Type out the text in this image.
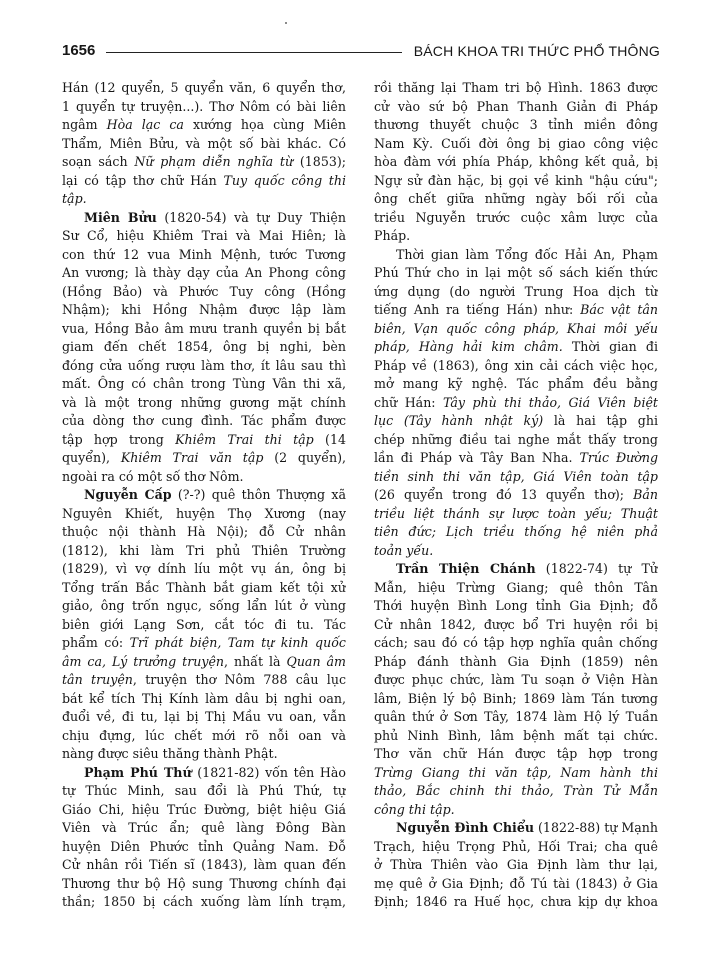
1656	BÁCH KHOA TRI THỨC PHỔ THÔNG
Hán (12 quyển, 5 quyển văn, 6 quyển thơ,
1 quyển tự truyện...). Thơ Nôm có bài liên
ngâm Hòa lạc ca xướng họa cùng Miên
Thẩm, Miên Bửu, và một số bài khác. Có
soạn sách Nữ phạm diễn nghĩa từ (1853);
lại có tập thơ chữ Hán Tuy quốc công thi
tập.
Miên Bửu (1820-54) và tự Duy Thiện
Sư Cổ, hiệu Khiêm Trai và Mai Hiên; là
con thứ 12 vua Minh Mệnh, tước Tương
An vương; là thày dạy của An Phong công
(Hồng Bảo) và Phước Tuy công (Hồng
Nhậm); khi Hồng Nhậm được lập làm
vua, Hồng Bảo âm mưu tranh quyền bị bắt
giam đến chết 1854, ông bị nghi, bèn
đóng cửa uống rượu làm thơ, ít lâu sau thì
mất. Ông có chân trong Tùng Vân thi xã,
và là một trong những gương mặt chính
của dòng thơ cung đình. Tác phẩm được
tập hợp trong Khiêm Trai thi tập (14
quyển), Khiêm Trai văn tập (2 quyển),
ngoài ra có một số thơ Nôm.
Nguyễn Cấp (?-?) quê thôn Thượng xã
Nguyên Khiết, huyện Thọ Xương (nay
thuộc nội thành Hà Nội); đỗ Cử nhân
(1812), khi làm Tri phủ Thiên Trường
(1829), vì vợ dính líu một vụ án, ông bị
Tổng trấn Bắc Thành bắt giam kết tội xử
giảo, ông trốn ngục, sống lẩn lút ở vùng
biên giới Lạng Sơn, cắt tóc đi tu. Tác
phẩm có: Trĩ phát biện, Tam tự kinh quốc
âm ca, Lý trưởng truyện, nhất là Quan âm
tân truyện, truyện thơ Nôm 788 câu lục
bát kể tích Thị Kính làm dâu bị nghi oan,
đuổi về, đi tu, lại bị Thị Mầu vu oan, vẫn
chịu đựng, lúc chết mới rõ nỗi oan và
nàng được siêu thăng thành Phật.
Phạm Phú Thứ (1821-82) vốn tên Hào
tự Thúc Minh, sau đổi là Phú Thứ, tự
Giáo Chi, hiệu Trúc Đường, biệt hiệu Giá
Viên và Trúc ẩn; quê làng Đông Bàn
huyện Diên Phước tỉnh Quảng Nam. Đỗ
Cử nhân rồi Tiến sĩ (1843), làm quan đến
Thương thư bộ Hộ sung Thương chính đại
thần; 1850 bị cách xuống làm lính trạm,
rồi thăng lại Tham tri bộ Hình. 1863 được
cử vào sứ bộ Phan Thanh Giản đi Pháp
thương thuyết chuộc 3 tỉnh miền đông
Nam Kỳ. Cuối đời ông bị giao công việc
hòa đàm với phía Pháp, không kết quả, bị
Ngự sử đàn hặc, bị gọi về kinh "hậu cứu";
ông chết giữa những ngày bối rối của
triều Nguyễn trước cuộc xâm lược của
Pháp.
Thời gian làm Tổng đốc Hải An, Phạm
Phú Thứ cho in lại một số sách kiến thức
ứng dụng (do người Trung Hoa dịch từ
tiếng Anh ra tiếng Hán) như: Bác vật tân
biên, Vạn quốc công pháp, Khai môi yếu
pháp, Hàng hải kim châm. Thời gian đi
Pháp về (1863), ông xin cải cách việc học,
mở mang kỹ nghệ. Tác phẩm đều bằng
chữ Hán: Tây phù thi thảo, Giá Viên biệt
lục (Tây hành nhật ký) là hai tập ghi
chép những điều tai nghe mắt thấy trong
lần đi Pháp và Tây Ban Nha. Trúc Đường
tiền sinh thi văn tập, Giá Viên toàn tập
(26 quyển trong đó 13 quyển thơ); Bản
triều liệt thánh sự lược toàn yếu; Thuật
tiên đức; Lịch triều thống hệ niên phả
toản yếu.
Trần Thiện Chánh (1822-74) tự Tử
Mẫn, hiệu Trừng Giang; quê thôn Tân
Thới huyện Bình Long tỉnh Gia Định; đỗ
Cử nhân 1842, được bổ Tri huyện rồi bị
cách; sau đó có tập hợp nghĩa quân chống
Pháp đánh thành Gia Định (1859) nên
được phục chức, làm Tu soạn ở Viện Hàn
lâm, Biện lý bộ Binh; 1869 làm Tán tương
quân thứ ở Sơn Tây, 1874 làm Hộ lý Tuần
phủ Ninh Bình, lâm bệnh mất tại chức.
Thơ văn chữ Hán được tập hợp trong
Trừng Giang thi văn tập, Nam hành thi
thảo, Bắc chinh thi thảo, Tràn Tử Mẫn
công thi tập.
Nguyễn Đình Chiểu (1822-88) tự Mạnh
Trạch, hiệu Trọng Phủ, Hối Trai; cha quê
ở Thừa Thiên vào Gia Định làm thư lại,
mẹ quê ở Gia Định; đỗ Tú tài (1843) ở Gia
Định; 1846 ra Huế học, chưa kịp dự khoa
